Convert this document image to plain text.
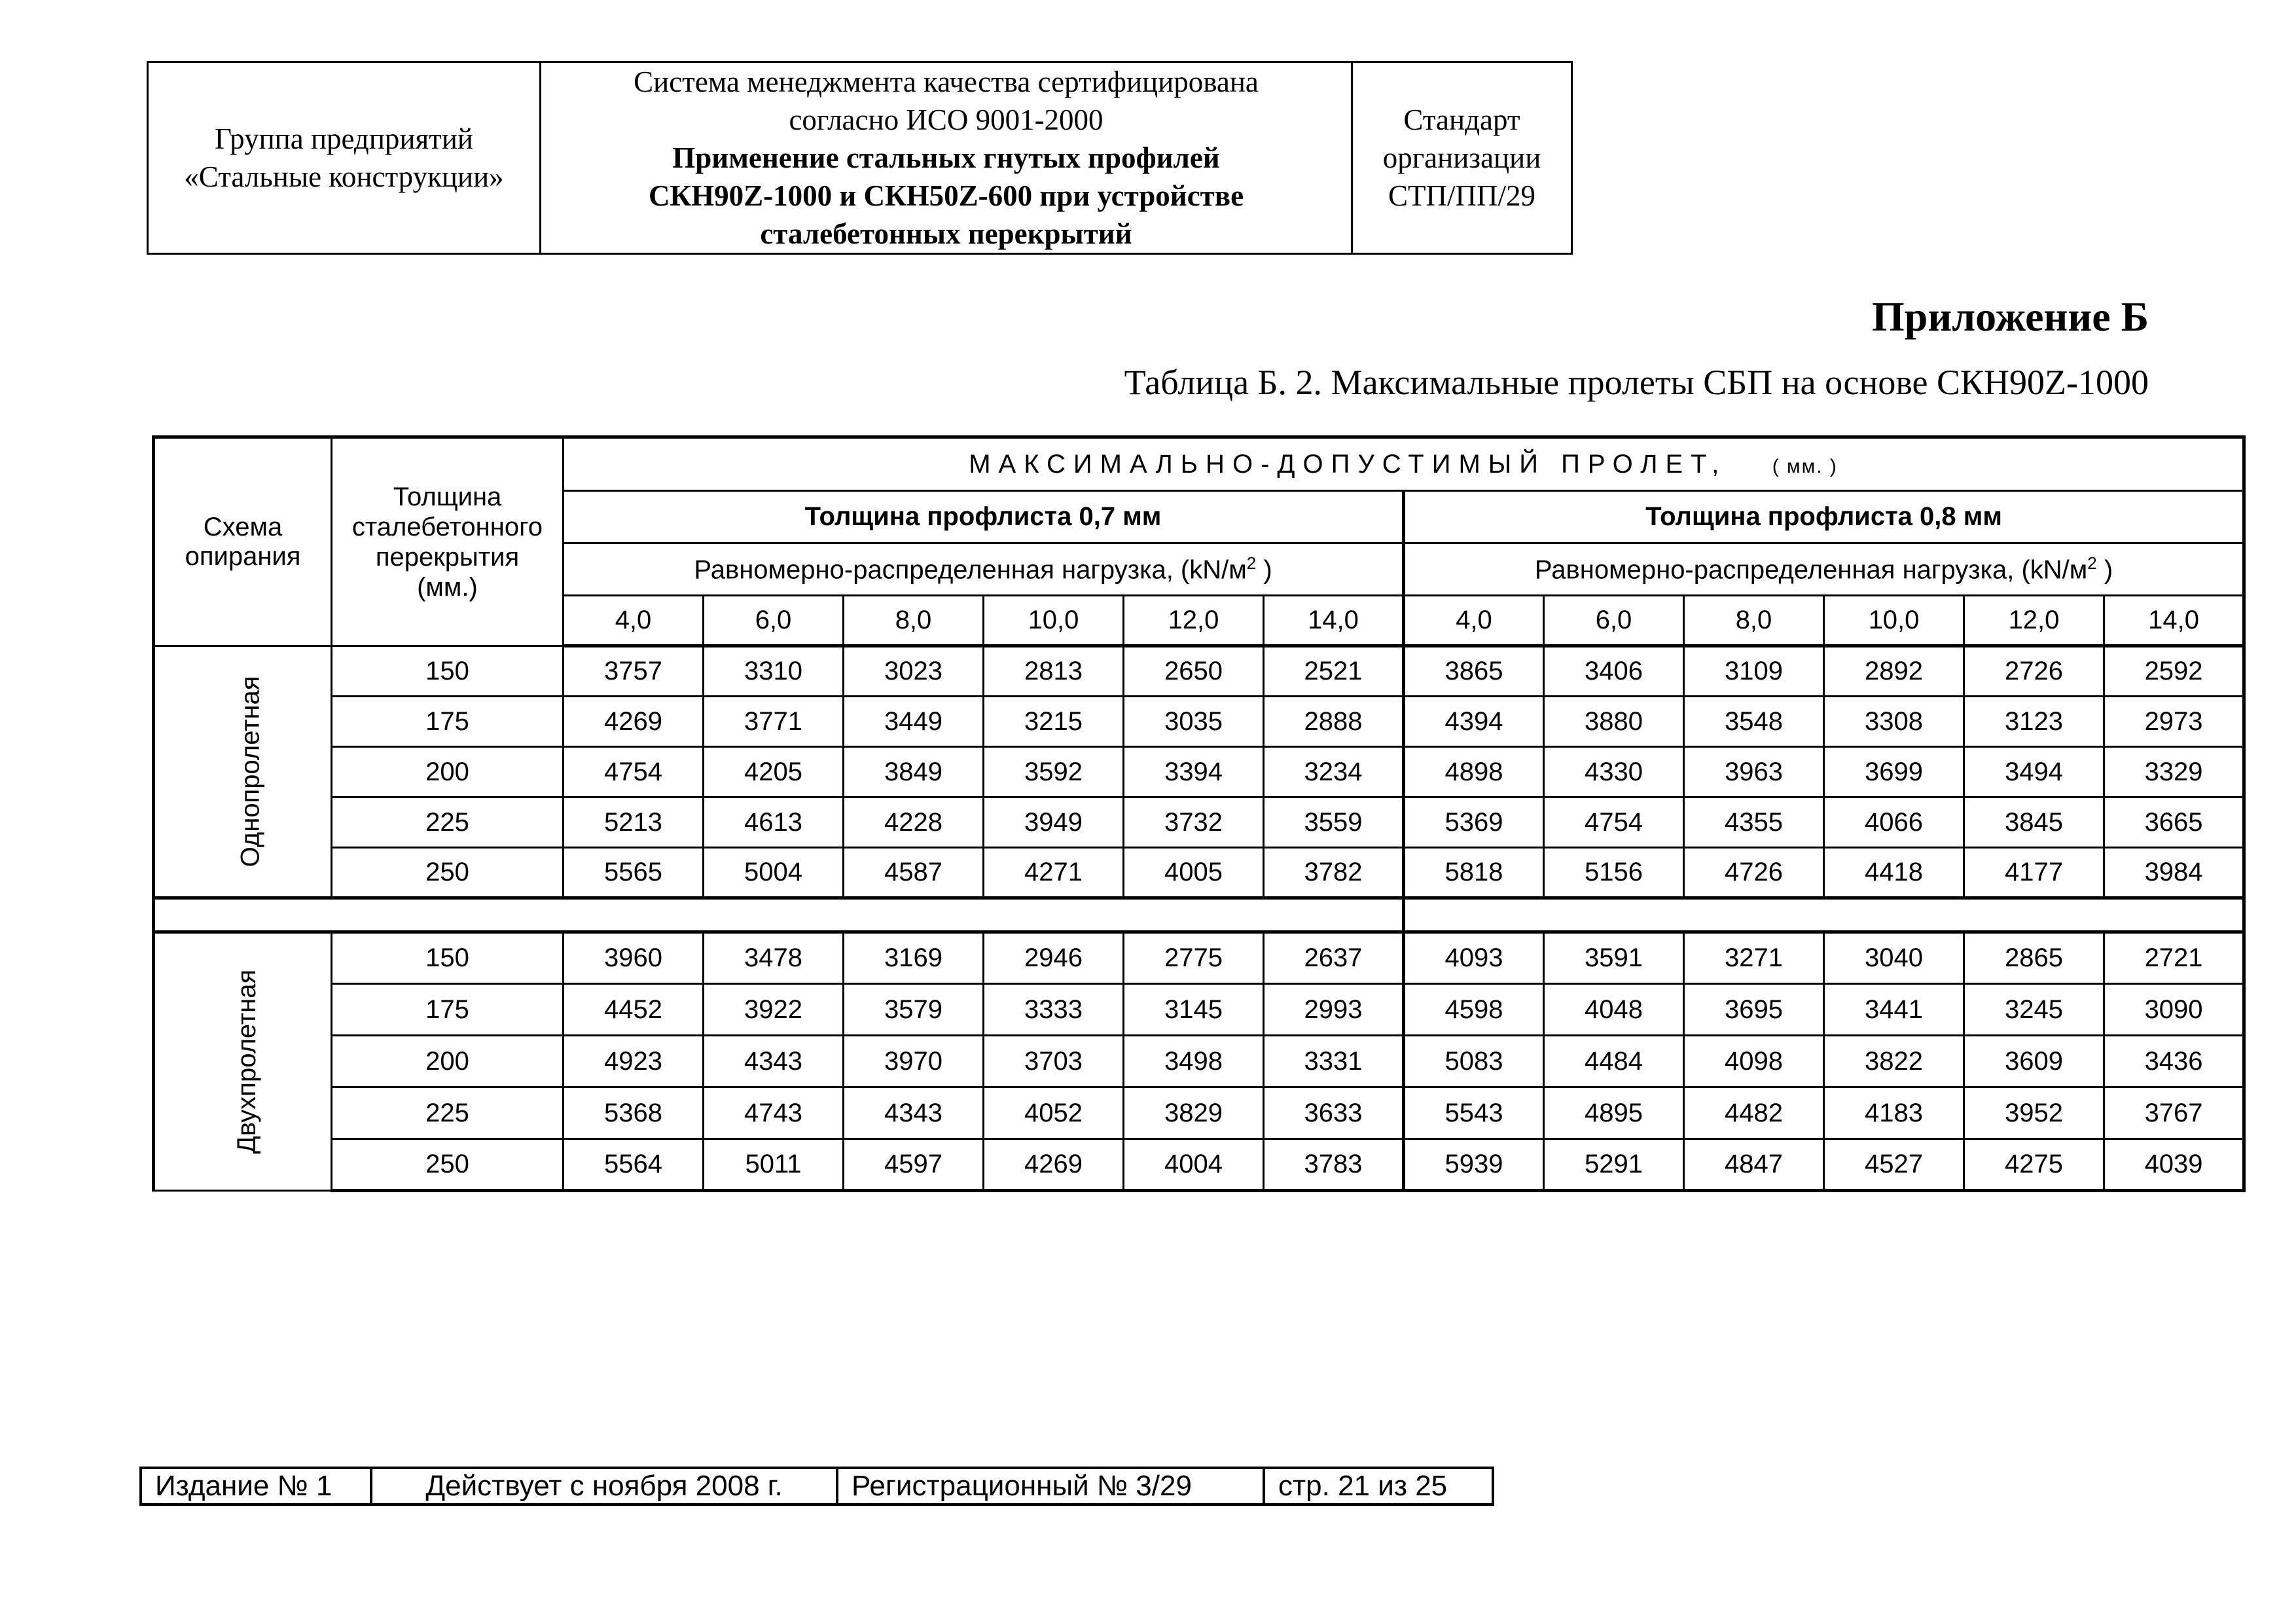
Группа предприятий
«Стальные конструкции»

Система менеджмента качества сертифицирована
согласно ИСО 9001-2000
Применение стальных гнутых профилей
СКН90Z-1000 и СКН50Z-600 при устройстве
сталебетонных перекрытий

Стандарт
организации
СТП/ПП/29
Приложение Б
Таблица Б. 2. Максимальные пролеты СБП на основе СКН90Z-1000
Схема
опирания	Толщина
сталебетонного
перекрытия
(мм.)	МАКСИМАЛЬНО-ДОПУСТИМЫЙ ПРОЛЕТ, ( мм. )											
		Толщина профлиста 0,7 мм						Толщина профлиста 0,8 мм					
		Равномерно-распределенная нагрузка, ($kN/м^2$ )						Равномерно-распределенная нагрузка, ($kN/м^2$ )					
		4,0	6,0	8,0	10,0	12,0	14,0	4,0	6,0	8,0	10,0	12,0	14,0
Однопролетная	150	3757	3310	3023	2813	2650	2521	3865	3406	3109	2892	2726	2592
	175	4269	3771	3449	3215	3035	2888	4394	3880	3548	3308	3123	2973
	200	4754	4205	3849	3592	3394	3234	4898	4330	3963	3699	3494	3329
	225	5213	4613	4228	3949	3732	3559	5369	4754	4355	4066	3845	3665
	250	5565	5004	4587	4271	4005	3782	5818	5156	4726	4418	4177	3984

Двухпролетная	150	3960	3478	3169	2946	2775	2637	4093	3591	3271	3040	2865	2721
	175	4452	3922	3579	3333	3145	2993	4598	4048	3695	3441	3245	3090
	200	4923	4343	3970	3703	3498	3331	5083	4484	4098	3822	3609	3436
	225	5368	4743	4343	4052	3829	3633	5543	4895	4482	4183	3952	3767
	250	5564	5011	4597	4269	4004	3783	5939	5291	4847	4527	4275	4039
Издание № 1	Действует с ноября 2008 г.	Регистрационный № 3/29	стр. 21 из 25
